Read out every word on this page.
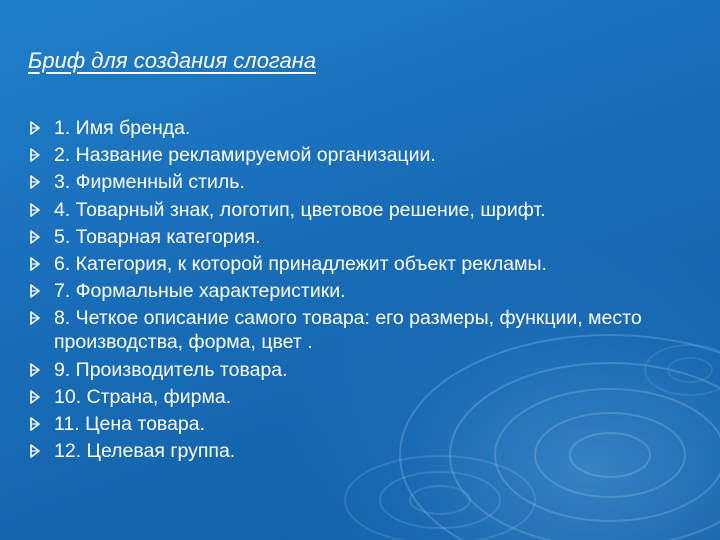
Бриф для создания слогана
1. Имя бренда.
2. Название рекламируемой организации.
3. Фирменный стиль.
4. Товарный знак, логотип, цветовое решение, шрифт.
5. Товарная категория.
6. Категория, к которой принадлежит объект рекламы.
7. Формальные характеристики.
8. Четкое описание самого товара: его размеры, функции, место производства, форма, цвет .
9. Производитель товара.
10. Страна, фирма.
11. Цена товара.
12. Целевая группа.
